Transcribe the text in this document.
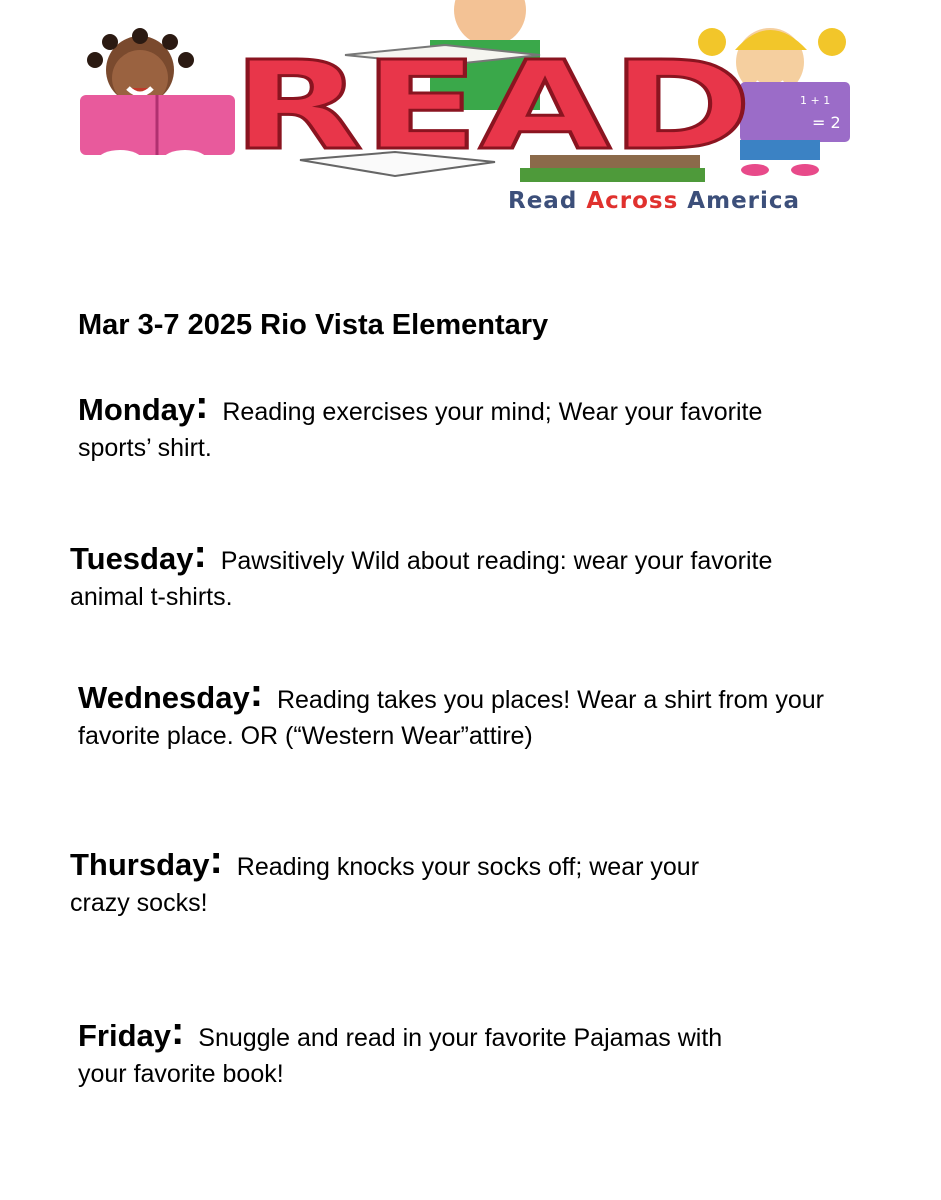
1 + 1
= 2
READ
Read Across America
Mar 3-7 2025 Rio Vista Elementary
Monday: Reading exercises your mind; Wear your favorite
sports’ shirt.
Tuesday: Pawsitively Wild about reading: wear your favorite
animal t-shirts.
Wednesday: Reading takes you places! Wear a shirt from your
favorite place. OR (“Western Wear”attire)
Thursday: Reading knocks your socks off; wear your
crazy socks!
Friday: Snuggle and read in your favorite Pajamas with
your favorite book!
